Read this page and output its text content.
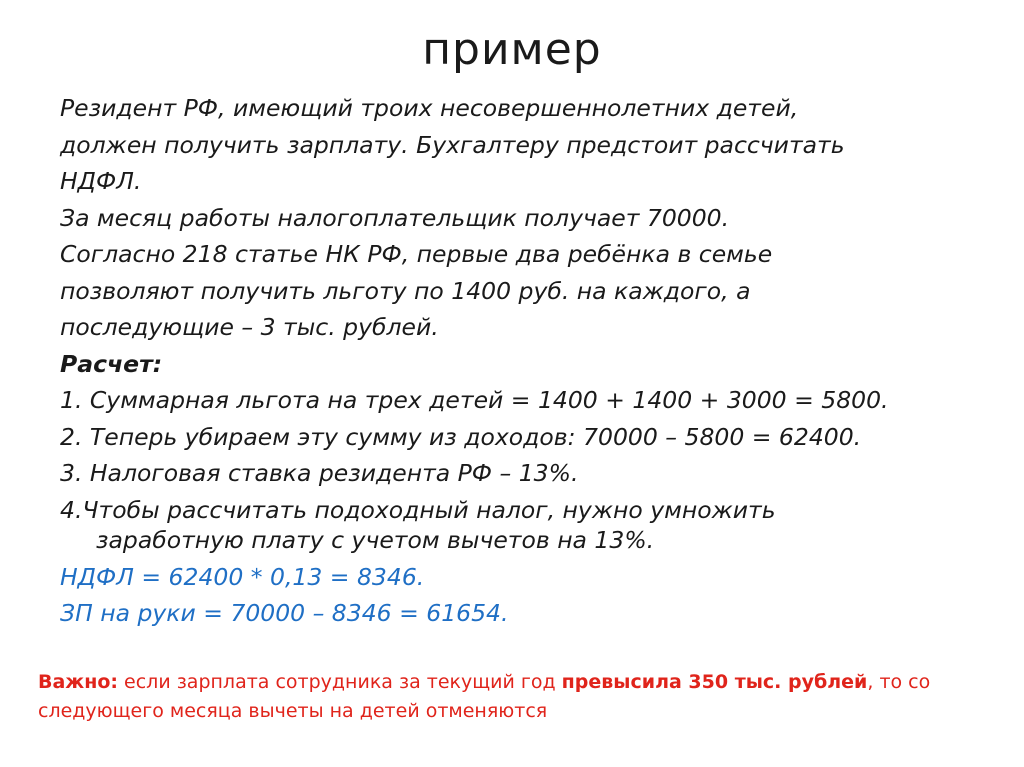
пример
Резидент РФ, имеющий троих несовершеннолетних детей,
должен получить зарплату. Бухгалтеру предстоит рассчитать
НДФЛ.
За месяц работы налогоплательщик получает 70000.
Согласно 218 статье НК РФ, первые два ребёнка в семье
позволяют получить льготу по 1400 руб. на каждого, а
последующие – 3 тыс. рублей.
Расчет:
1. Суммарная льгота на трех детей = 1400 + 1400 + 3000 = 5800.
2. Теперь убираем эту сумму из доходов: 70000 – 5800 = 62400.
3. Налоговая ставка резидента РФ – 13%.
4.Чтобы рассчитать подоходный налог, нужно умножить
заработную плату с учетом вычетов на 13%.
НДФЛ = 62400 * 0,13 = 8346.
ЗП на руки = 70000 – 8346 = 61654.
Важно: если зарплата сотрудника за текущий год превысила 350 тыс. рублей, то со
следующего месяца вычеты на детей отменяются
